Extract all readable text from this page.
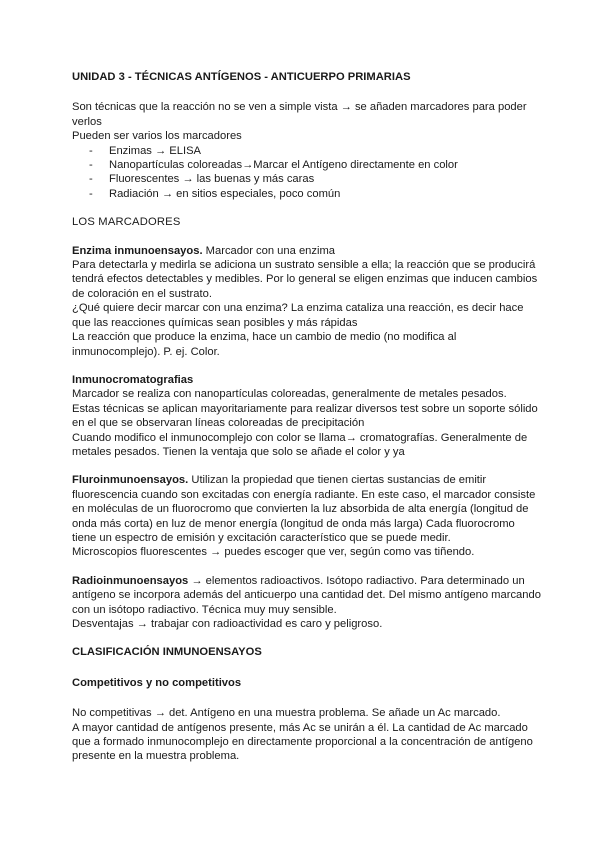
UNIDAD 3 - TÉCNICAS ANTÍGENOS - ANTICUERPO PRIMARIAS

Son técnicas que la reacción no se ven a simple vista → se añaden marcadores para poder verlos

Pueden ser varios los marcadores

- Enzimas → ELISA
- Nanopartículas coloreadas→Marcar el Antígeno directamente en color
- Fluorescentes → las buenas y más caras
- Radiación → en sitios especiales, poco común
LOS MARCADORES

Enzima inmunoensayos. Marcador con una enzima

Para detectarla y medirla se adiciona un sustrato sensible a ella; la reacción que se producirá tendrá efectos detectables y medibles. Por lo general se eligen enzimas que inducen cambios de coloración en el sustrato.

¿Qué quiere decir marcar con una enzima? La enzima cataliza una reacción, es decir hace que las reacciones químicas sean posibles y más rápidas

La reacción que produce la enzima, hace un cambio de medio (no modifica al inmunocomplejo). P. ej. Color.

Inmunocromatografias

Marcador se realiza con nanopartículas coloreadas, generalmente de metales pesados.

Estas técnicas se aplican mayoritariamente para realizar diversos test sobre un soporte sólido en el que se observaran líneas coloreadas de precipitación

Cuando modifico el inmunocomplejo con color se llama→ cromatografías. Generalmente de metales pesados. Tienen la ventaja que solo se añade el color y ya

Fluroinmunoensayos. Utilizan la propiedad que tienen ciertas sustancias de emitir fluorescencia cuando son excitadas con energía radiante. En este caso, el marcador consiste en moléculas de un fluorocromo que convierten la luz absorbida de alta energía (longitud de onda más corta) en luz de menor energía (longitud de onda más larga) Cada fluorocromo tiene un espectro de emisión y excitación característico que se puede medir.

Microscopios fluorescentes → puedes escoger que ver, según como vas tiñendo.

Radioinmunoensayos → elementos radioactivos. Isótopo radiactivo. Para determinado un antígeno se incorpora además del anticuerpo una cantidad det. Del mismo antígeno marcando con un isótopo radiactivo. Técnica muy muy sensible.

Desventajas → trabajar con radioactividad es caro y peligroso.

CLASIFICACIÓN INMUNOENSAYOS
Competitivos y no competitivos

No competitivas → det. Antígeno en una muestra problema. Se añade un Ac marcado.

A mayor cantidad de antígenos presente, más Ac se unirán a él. La cantidad de Ac marcado que a formado inmunocomplejo en directamente proporcional a la concentración de antígeno presente en la muestra problema.
